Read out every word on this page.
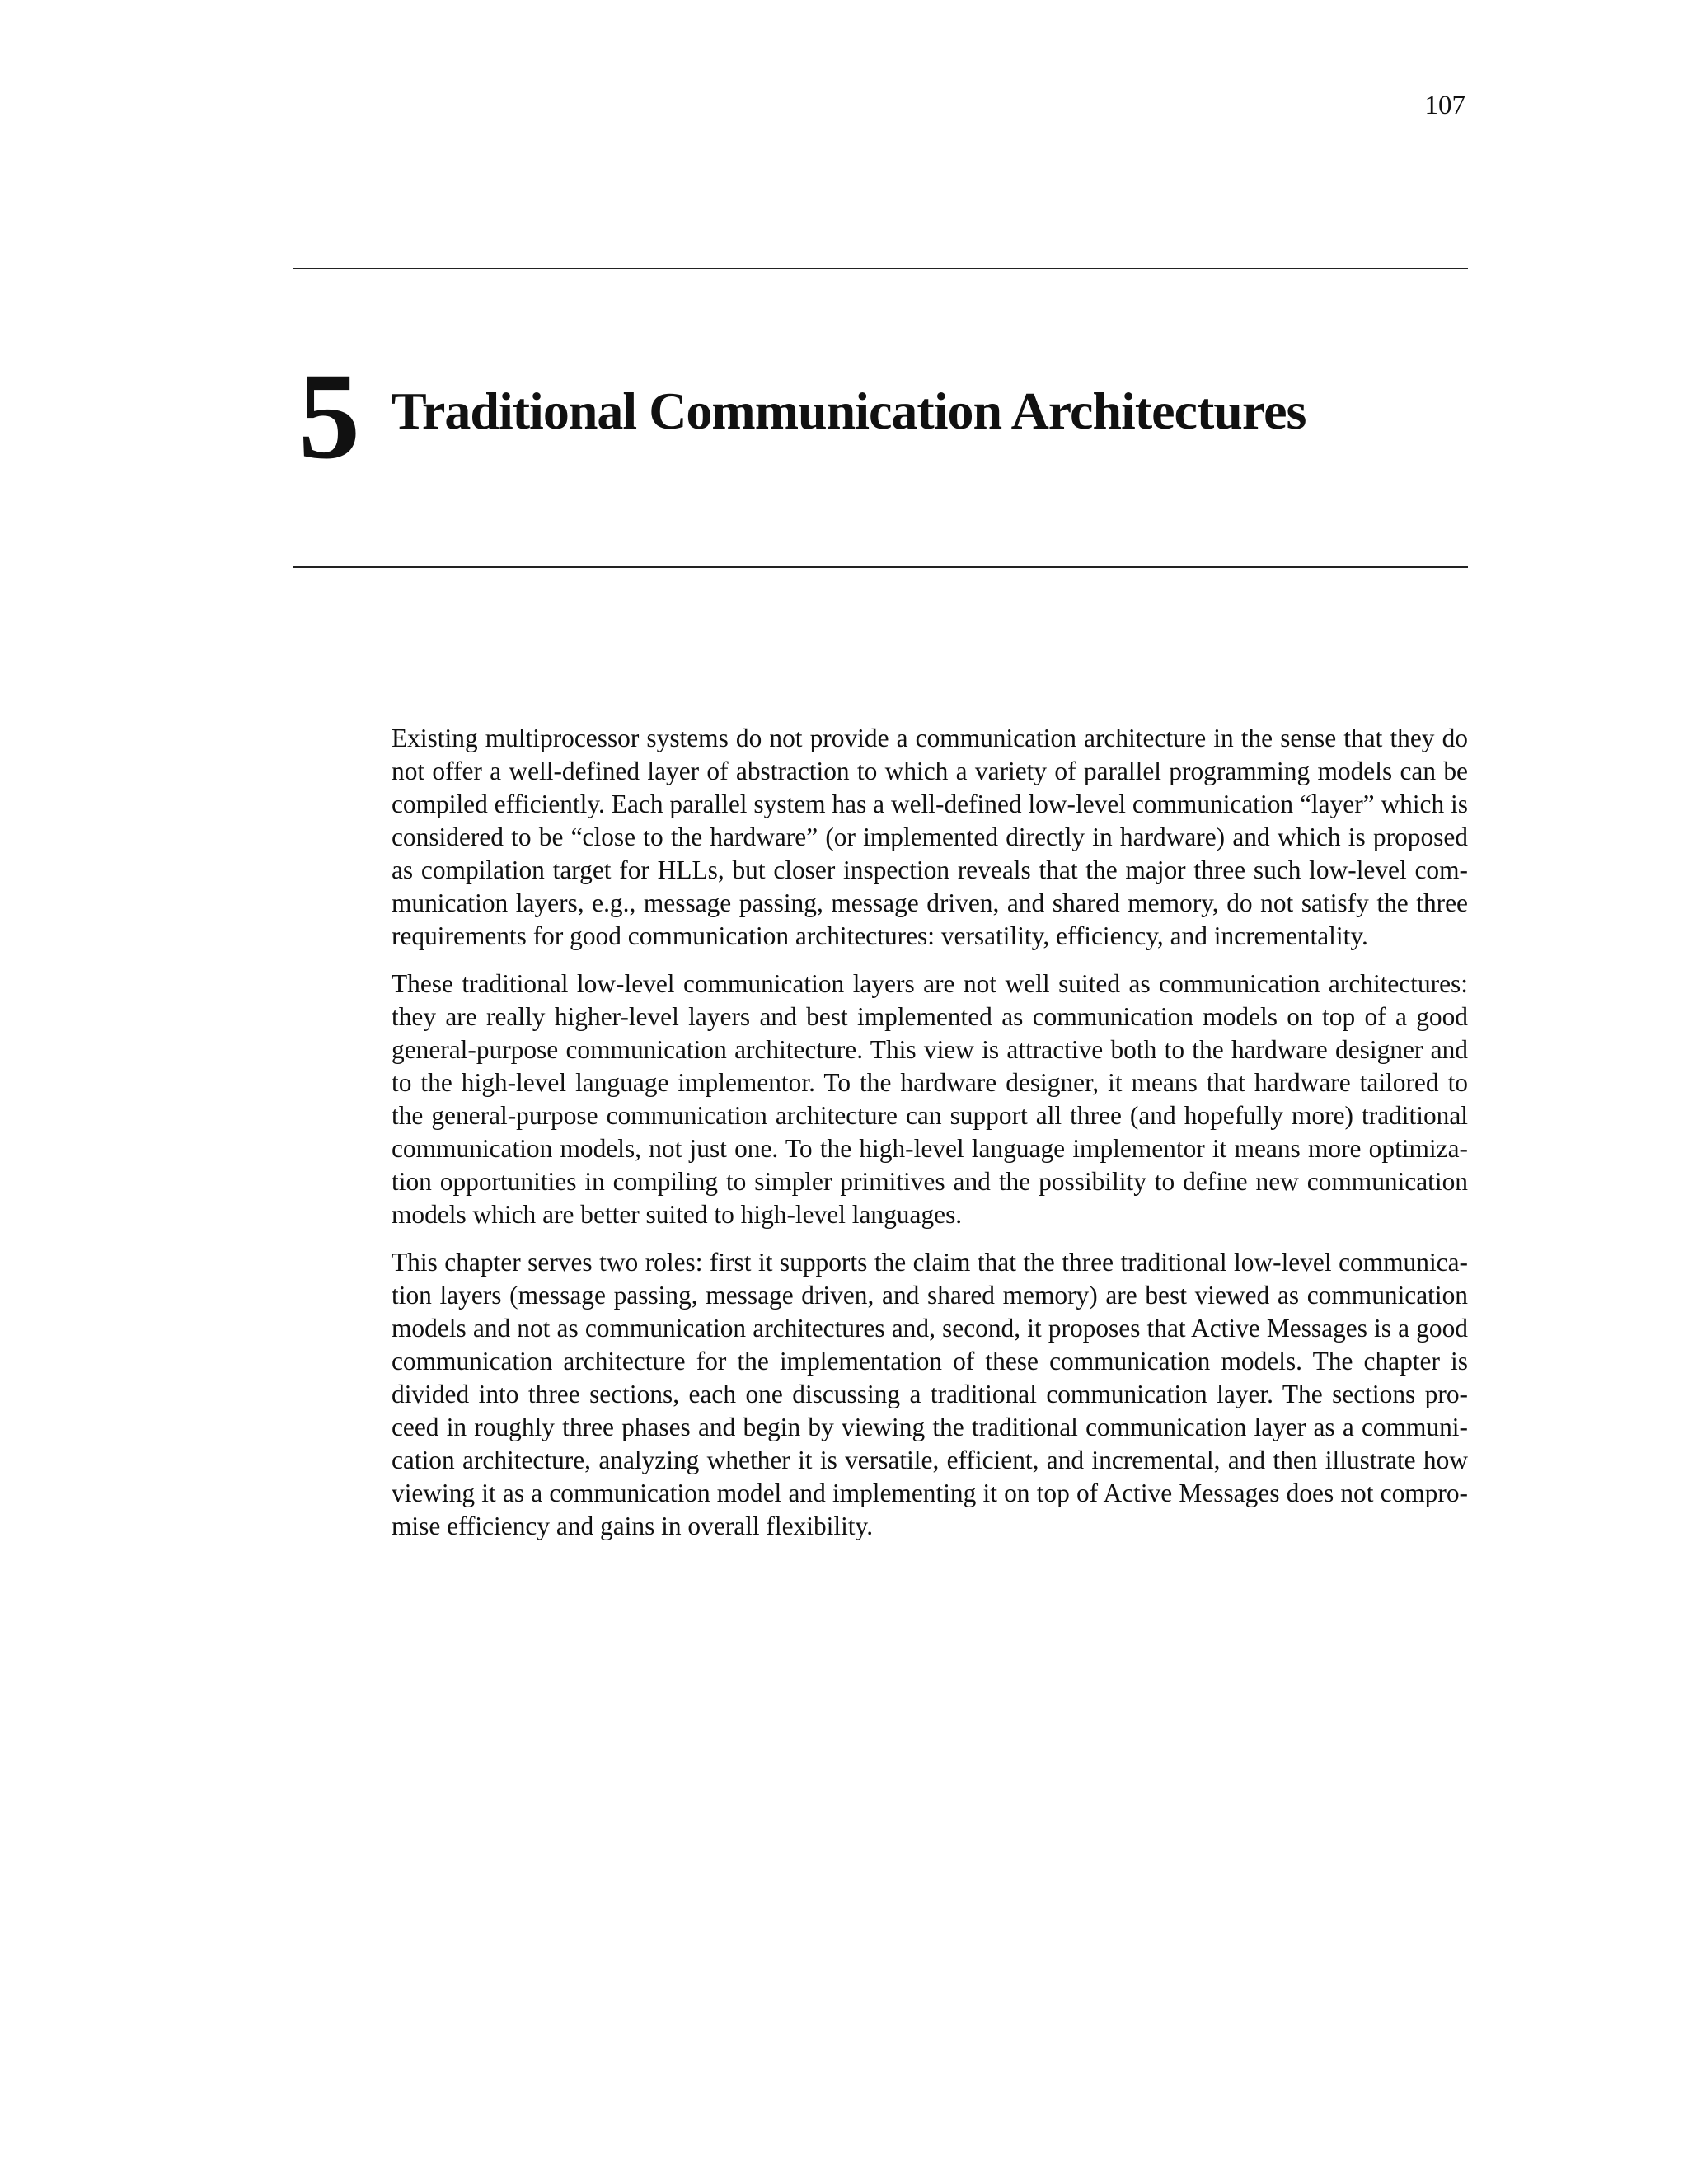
107
5 Traditional Communication Architectures

Existing multiprocessor systems do not provide a communication architecture in the sense that they do not offer a well-defined layer of abstraction to which a variety of parallel programming models can be compiled efficiently. Each parallel system has a well-defined low-level communication “layer” which is considered to be “close to the hardware” (or implemented directly in hardware) and which is proposed as compilation target for HLLs, but closer inspection reveals that the major three such low-level communication layers, e.g., message passing, message driven, and shared memory, do not satisfy the three requirements for good communication architectures: versatility, efficiency, and incrementality.

These traditional low-level communication layers are not well suited as communication architectures: they are really higher-level layers and best implemented as communication models on top of a good general-purpose communication architecture. This view is attractive both to the hardware designer and to the high-level language implementor. To the hardware designer, it means that hardware tailored to the general-purpose communication architecture can support all three (and hopefully more) traditional communication models, not just one. To the high-level language implementor it means more optimization opportunities in compiling to simpler primitives and the possibility to define new communication models which are better suited to high-level languages.

This chapter serves two roles: first it supports the claim that the three traditional low-level communication layers (message passing, message driven, and shared memory) are best viewed as communication models and not as communication architectures and, second, it proposes that Active Messages is a good communication architecture for the implementation of these communication models. The chapter is divided into three sections, each one discussing a traditional communication layer. The sections proceed in roughly three phases and begin by viewing the traditional communication layer as a communication architecture, analyzing whether it is versatile, efficient, and incremental, and then illustrate how viewing it as a communication model and implementing it on top of Active Messages does not compromise efficiency and gains in overall flexibility.
